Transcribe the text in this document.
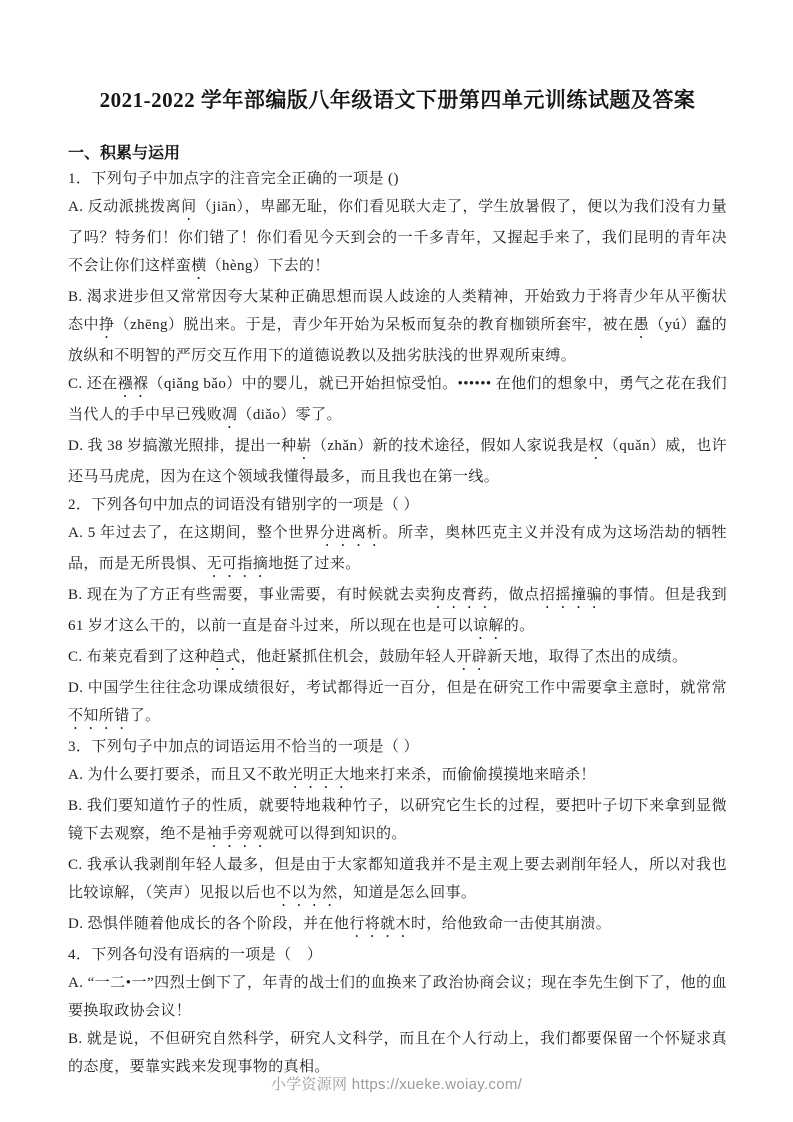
2021-2022 学年部编版八年级语文下册第四单元训练试题及答案
一、积累与运用

1．下列句子中加点字的注音完全正确的一项是 ()

A. 反动派挑拨离间（jiān），卑鄙无耻，你们看见联大走了，学生放暑假了，便以为我们没有力量了吗？特务们！你们错了！你们看见今天到会的一千多青年，又握起手来了，我们昆明的青年决不会让你们这样蛮横（hèng）下去的！

B. 渴求进步但又常常因夸大某种正确思想而误人歧途的人类精神，开始致力于将青少年从平衡状态中挣（zhēng）脱出来。于是，青少年开始为呆板而复杂的教育枷锁所套牢，被在愚（yú）蠢的放纵和不明智的严厉交互作用下的道德说教以及拙劣肤浅的世界观所束缚。

C. 还在襁褓（qiǎng bǎo）中的婴儿，就已开始担惊受怕。•••••• 在他们的想象中，勇气之花在我们当代人的手中早已残败凋（diǎo）零了。

D. 我 38 岁搞激光照排，提出一种崭（zhǎn）新的技术途径，假如人家说我是权（quǎn）威，也许还马马虎虎，因为在这个领域我懂得最多，而且我也在第一线。

2．下列各句中加点的词语没有错别字的一项是（ ）

A. 5 年过去了，在这期间，整个世界分进离析。所幸，奥林匹克主义并没有成为这场浩劫的牺牲品，而是无所畏惧、无可指摘地挺了过来。

B. 现在为了方正有些需要，事业需要，有时候就去卖狗皮膏药，做点招摇撞骗的事情。但是我到 61 岁才这么干的，以前一直是奋斗过来，所以现在也是可以谅解的。

C. 布莱克看到了这种趋式，他赶紧抓住机会，鼓励年轻人开辟新天地，取得了杰出的成绩。

D. 中国学生往往念功课成绩很好，考试都得近一百分，但是在研究工作中需要拿主意时，就常常不知所错了。

3．下列句子中加点的词语运用不恰当的一项是（ ）

A. 为什么要打要杀，而且又不敢光明正大地来打来杀，而偷偷摸摸地来暗杀！

B. 我们要知道竹子的性质，就要特地栽种竹子，以研究它生长的过程，要把叶子切下来拿到显微镜下去观察，绝不是袖手旁观就可以得到知识的。

C. 我承认我剥削年轻人最多，但是由于大家都知道我并不是主观上要去剥削年轻人，所以对我也比较谅解，（笑声）见报以后也不以为然，知道是怎么回事。

D. 恐惧伴随着他成长的各个阶段，并在他行将就木时，给他致命一击使其崩溃。

4．下列各句没有语病的一项是（　）

A. “一二•一”四烈士倒下了，年青的战士们的血换来了政治协商会议；现在李先生倒下了，他的血要换取政协会议！

B. 就是说，不但研究自然科学，研究人文科学，而且在个人行动上，我们都要保留一个怀疑求真的态度，要靠实践来发现事物的真相。

小学资源网 https://xueke.woiay.com/
